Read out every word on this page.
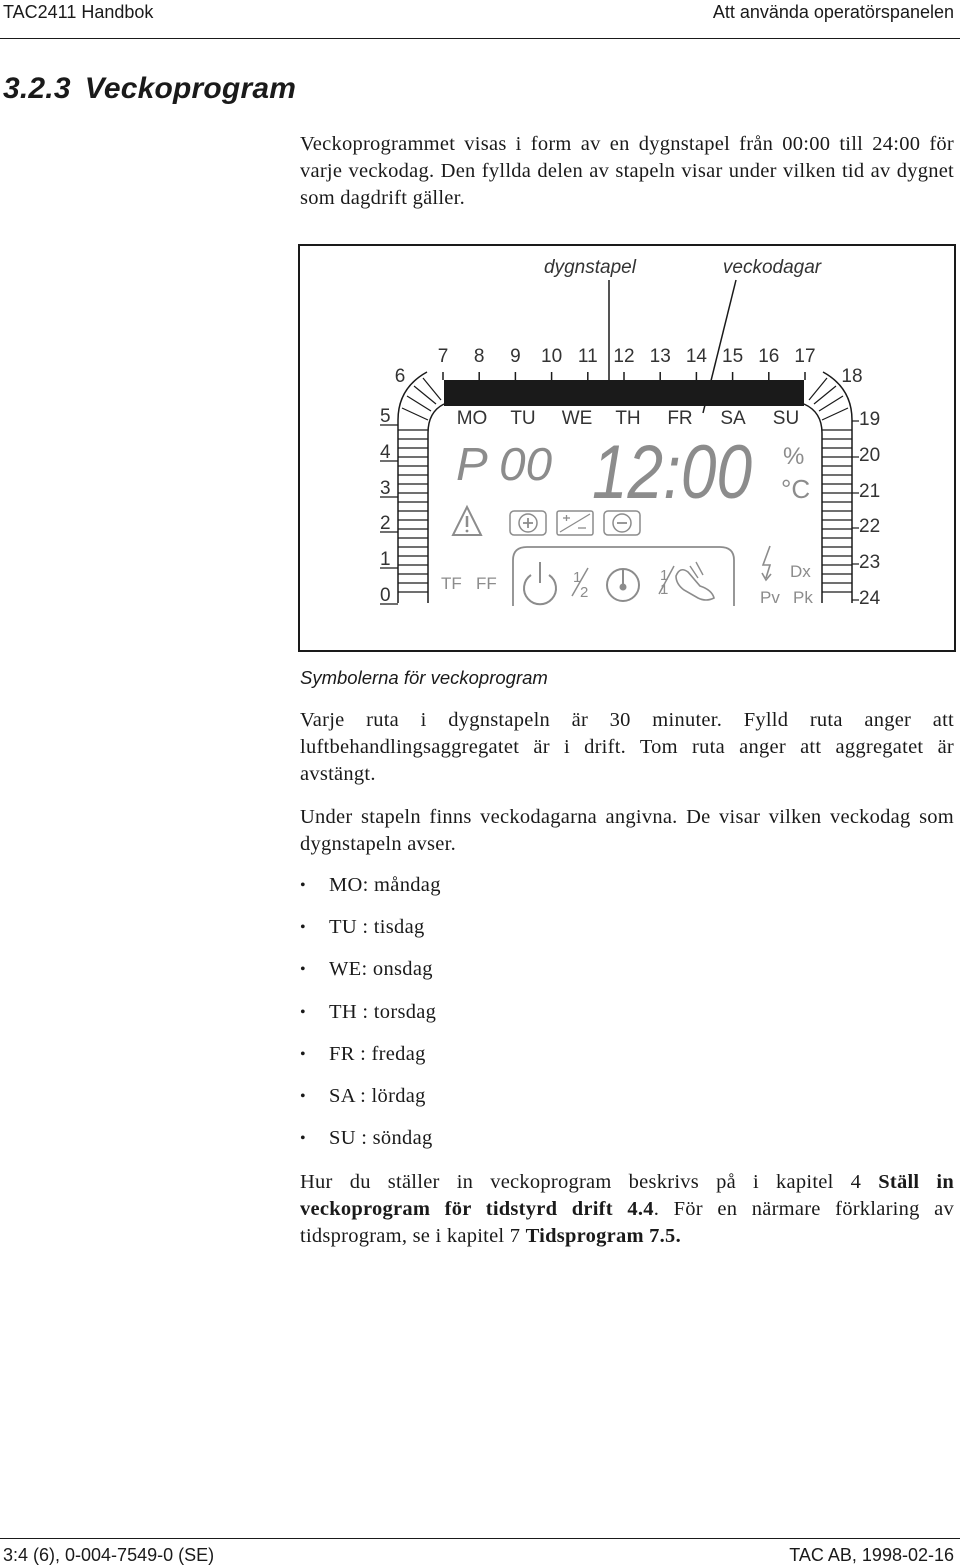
TAC2411 Handbok	Att använda operatörspanelen
3.2.3 Veckoprogram

Veckoprogrammet visas i form av en dygnstapel från 00:00 till 24:00 för varje veckodag. Den fyllda delen av stapeln visar under vilken tid av dygnet som dagdrift gäller.

dygnstapel	veckodagar
6
7 8 9 10 11 12 13 14 15 16 17
18
5
4
3
2
1
0
19
20
21
22
23
24
MO TU WE TH FR SA SU
P 00 12:00 %
°C
TF FF	1
2
1
1
Dx
Pv Pk
Symbolerna för veckoprogram

Varje ruta i dygnstapeln är 30 minuter. Fylld ruta anger att luftbehandlingsaggregatet är i drift. Tom ruta anger att aggregatet är avstängt.

Under stapeln finns veckodagarna angivna. De visar vilken veckodag som dygnstapeln avser.

•	MO: måndag
•	TU : tisdag
•	WE: onsdag
•	TH : torsdag
•	FR : fredag
•	SA : lördag
•	SU : söndag

Hur du ställer in veckoprogram beskrivs på i kapitel 4 Ställ in veckoprogram för tidstyrd drift 4.4. För en närmare förklaring av tidsprogram, se i kapitel 7 Tidsprogram 7.5.

3:4 (6), 0-004-7549-0 (SE)	TAC AB, 1998-02-16
